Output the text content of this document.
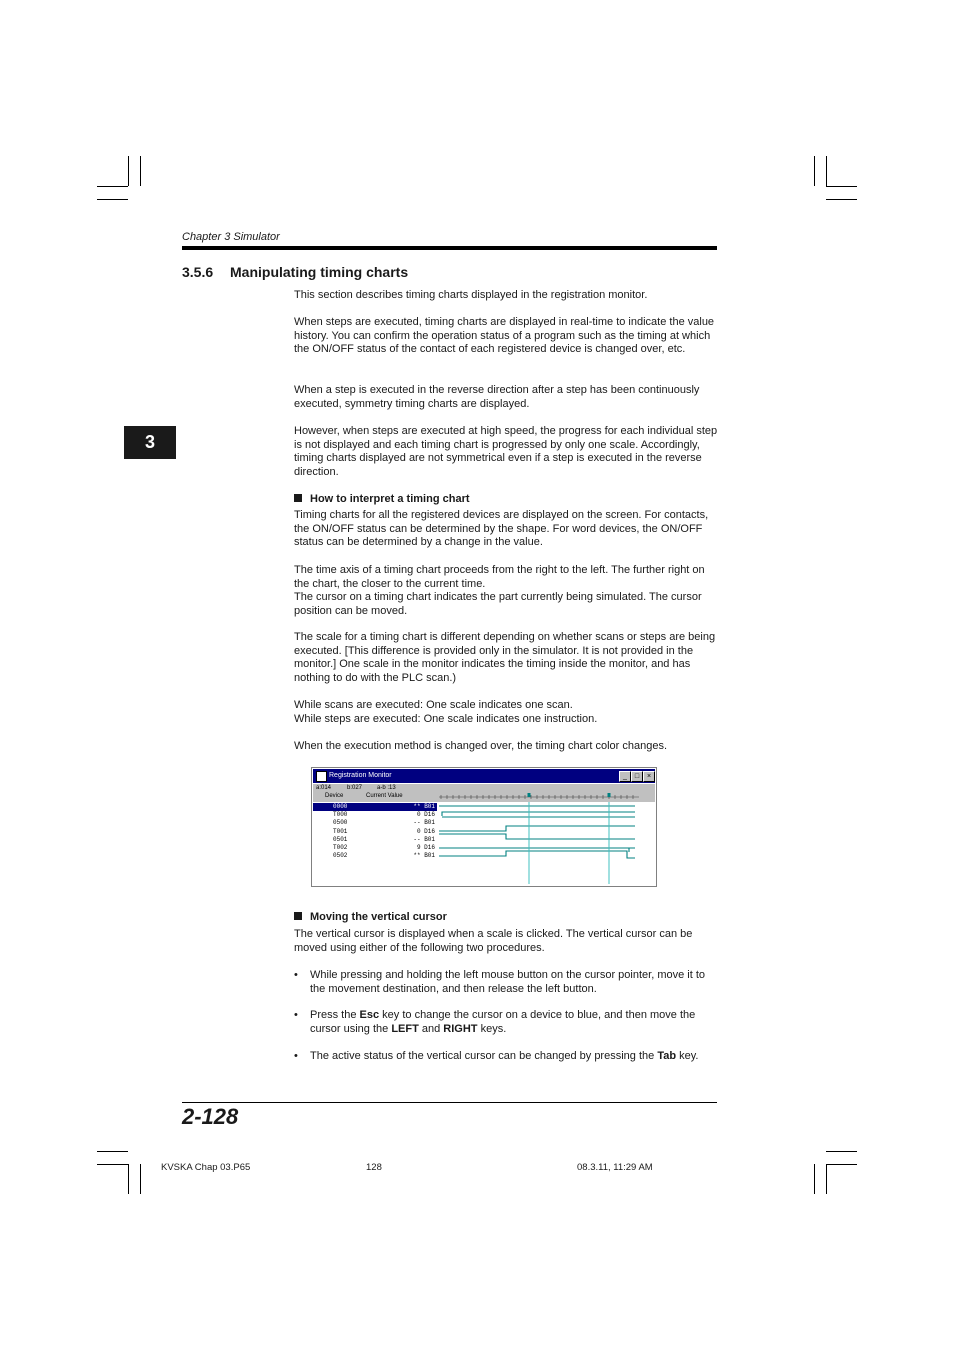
Chapter 3 Simulator
3.5.6 Manipulating timing charts
3

This section describes timing charts displayed in the registration monitor.

When steps are executed, timing charts are displayed in real-time to indicate the value history. You can confirm the operation status of a program such as the timing at which the ON/OFF status of the contact of each registered device is changed over, etc.

When a step is executed in the reverse direction after a step has been continuously executed, symmetry timing charts are displayed.

However, when steps are executed at high speed, the progress for each individual step is not displayed and each timing chart is progressed by only one scale. Accordingly, timing charts displayed are not symmetrical even if a step is executed in the reverse direction.

How to interpret a timing chart

Timing charts for all the registered devices are displayed on the screen. For contacts, the ON/OFF status can be determined by the shape. For word devices, the ON/OFF status can be determined by a change in the value.

The time axis of a timing chart proceeds from the right to the left. The further right on the chart, the closer to the current time.

The cursor on a timing chart indicates the part currently being simulated. The cursor position can be moved.

The scale for a timing chart is different depending on whether scans or steps are being executed. [This difference is provided only in the simulator. It is not provided in the monitor.] One scale in the monitor indicates the timing inside the monitor, and has nothing to do with the PLC scan.)

While scans are executed: One scale indicates one scan.

While steps are executed: One scale indicates one instruction.

When the execution method is changed over, the timing chart color changes.

Registration Monitor	_	□	×
a:014	b:027 a-b :13
Device	Current Value
0000	** B01
T000	0 D16
0500	-- B01
T001	0 D16
0501	-- B01
T002	9 D16
0502	** B01
Moving the vertical cursor

The vertical cursor is displayed when a scale is clicked. The vertical cursor can be moved using either of the following two procedures.

• While pressing and holding the left mouse button on the cursor pointer, move it to the movement destination, and then release the left button.
• Press the Esc key to change the cursor on a device to blue, and then move the cursor using the LEFT and RIGHT keys.
• The active status of the vertical cursor can be changed by pressing the Tab key.
2-128
KVSKA Chap 03.P65	128	08.3.11, 11:29 AM
